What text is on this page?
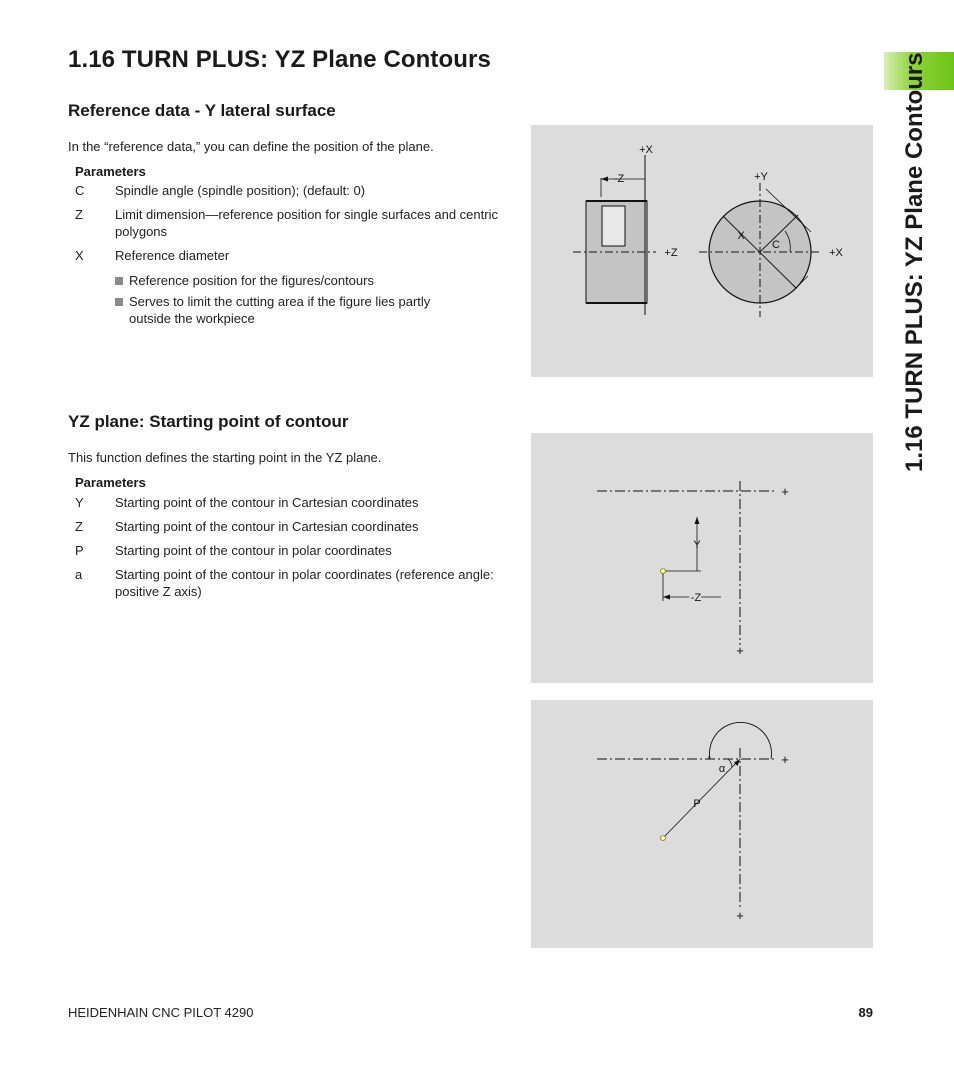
1.16 TURN PLUS: YZ Plane Contours	1.16 TURN PLUS: YZ Plane Contours
Reference data - Y lateral surface
In the “reference data,” you can define the position of the plane.
Parameters
C	Spindle angle (spindle position); (default: 0)
Z	Limit dimension—reference position for single surfaces and centric polygons
X	Reference diameter
Reference position for the figures/contours
Serves to limit the cutting area if the figure lies partly outside the workpiece
-Z
+X
+Z
+Y
X
C
+X
YZ plane: Starting point of contour
This function defines the starting point in the YZ plane.
Parameters
Y	Starting point of the contour in Cartesian coordinates
Z	Starting point of the contour in Cartesian coordinates
P	Starting point of the contour in polar coordinates
a	Starting point of the contour in polar coordinates (reference angle: positive Z axis)
+
+
Y
-Z
+
+
α
P
HEIDENHAIN CNC PILOT 4290	89
